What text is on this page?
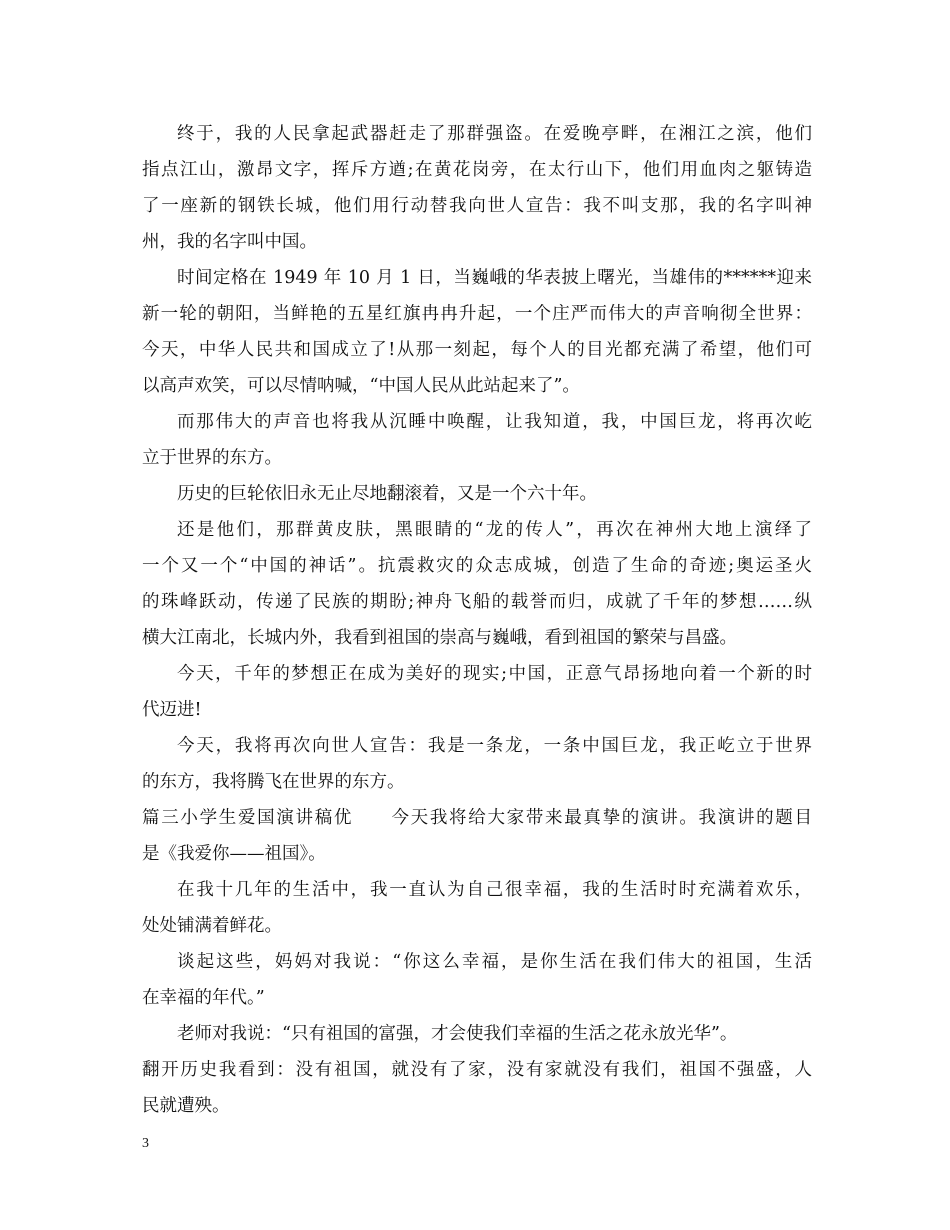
终于，我的人民拿起武器赶走了那群强盗。在爱晚亭畔，在湘江之滨，他们
指点江山，激昂文字，挥斥方遒;在黄花岗旁，在太行山下，他们用血肉之躯铸造
了一座新的钢铁长城，他们用行动替我向世人宣告：我不叫支那，我的名字叫神
州，我的名字叫中国。
时间定格在 1949 年 10 月 1 日，当巍峨的华表披上曙光，当雄伟的******迎来
新一轮的朝阳，当鲜艳的五星红旗冉冉升起，一个庄严而伟大的声音响彻全世界：
今天，中华人民共和国成立了!从那一刻起，每个人的目光都充满了希望，他们可
以高声欢笑，可以尽情呐喊，“中国人民从此站起来了”。
而那伟大的声音也将我从沉睡中唤醒，让我知道，我，中国巨龙，将再次屹
立于世界的东方。
历史的巨轮依旧永无止尽地翻滚着，又是一个六十年。
还是他们，那群黄皮肤，黑眼睛的“龙的传人”，再次在神州大地上演绎了
一个又一个“中国的神话”。抗震救灾的众志成城，创造了生命的奇迹;奥运圣火
的珠峰跃动，传递了民族的期盼;神舟飞船的载誉而归，成就了千年的梦想……纵
横大江南北，长城内外，我看到祖国的崇高与巍峨，看到祖国的繁荣与昌盛。
今天，千年的梦想正在成为美好的现实;中国，正意气昂扬地向着一个新的时
代迈进!
今天，我将再次向世人宣告：我是一条龙，一条中国巨龙，我正屹立于世界
的东方，我将腾飞在世界的东方。
篇三小学生爱国演讲稿优　　今天我将给大家带来最真挚的演讲。我演讲的题目
是《我爱你——祖国》。
在我十几年的生活中，我一直认为自己很幸福，我的生活时时充满着欢乐，
处处铺满着鲜花。
谈起这些，妈妈对我说：“你这么幸福，是你生活在我们伟大的祖国，生活
在幸福的年代。”
老师对我说：“只有祖国的富强，才会使我们幸福的生活之花永放光华”。
翻开历史我看到：没有祖国，就没有了家，没有家就没有我们，祖国不强盛，人
民就遭殃。
3
